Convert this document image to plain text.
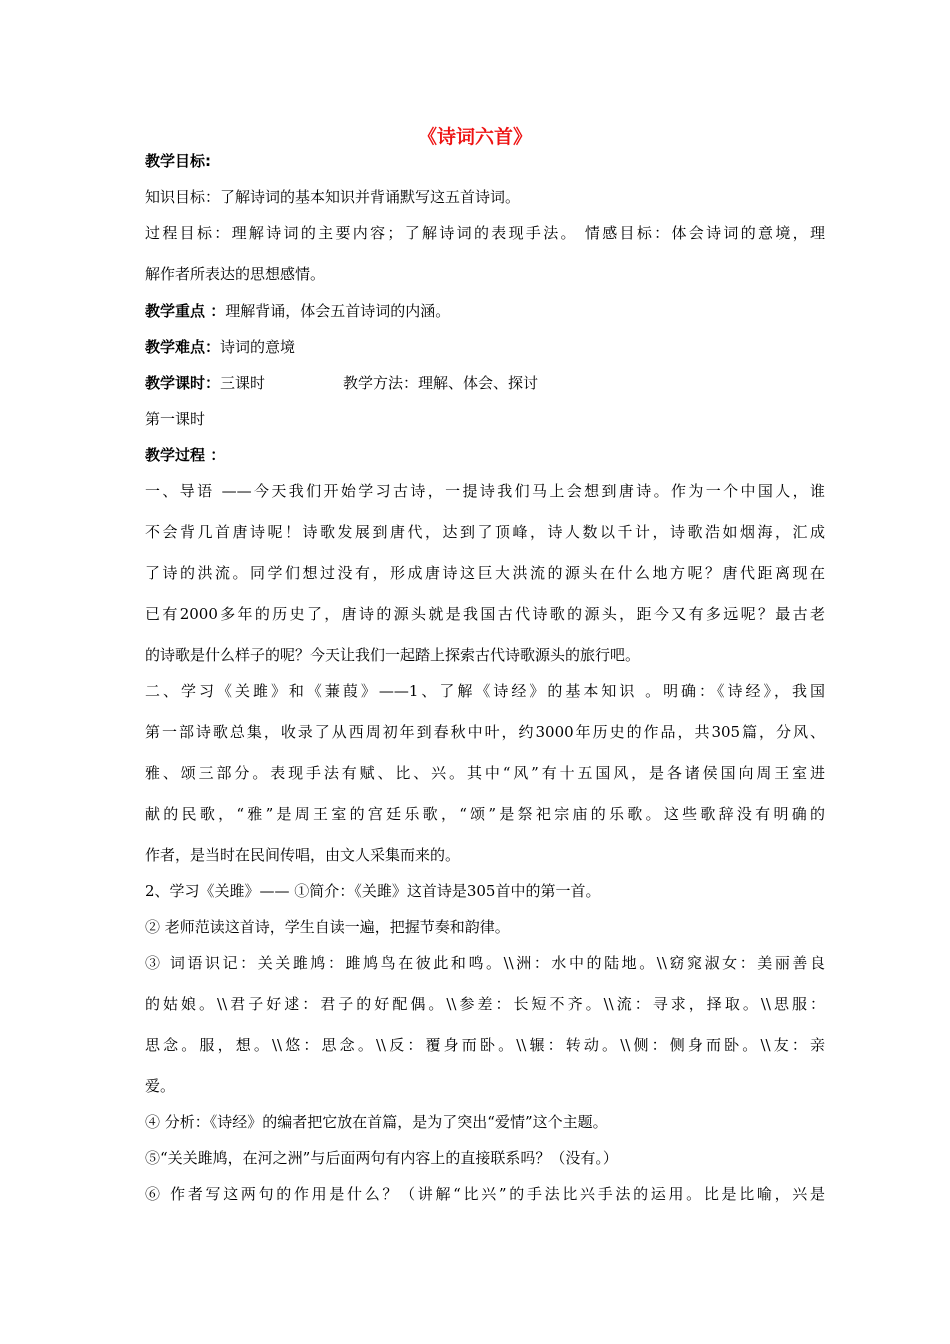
《诗词六首》
教学目标:
知识目标：了解诗词的基本知识并背诵默写这五首诗词。
过程目标：理解诗词的主要内容；了解诗词的表现手法。 情感目标：体会诗词的意境，理
解作者所表达的思想感情。
教学重点 ：理解背诵，体会五首诗词的内涵。
教学难点：诗词的意境
教学课时：三课时	教学方法：理解、体会、探讨
第一课时
教学过程 ：
一、导语 ——今天我们开始学习古诗，一提诗我们马上会想到唐诗。作为一个中国人，谁
不会背几首唐诗呢！诗歌发展到唐代，达到了顶峰，诗人数以千计，诗歌浩如烟海，汇成
了诗的洪流。同学们想过没有，形成唐诗这巨大洪流的源头在什么地方呢？唐代距离现在
已有2000多年的历史了，唐诗的源头就是我国古代诗歌的源头，距今又有多远呢？最古老
的诗歌是什么样子的呢？今天让我们一起踏上探索古代诗歌源头的旅行吧。
二、学习《关雎》和《蒹葭》——1、了解《诗经》的基本知识 。明确：《诗经》，我国
第一部诗歌总集，收录了从西周初年到春秋中叶，约3000年历史的作品，共305篇，分风、
雅、颂三部分。表现手法有赋、比、兴。其中“风”有十五国风，是各诸侯国向周王室进
献的民歌，“雅”是周王室的宫廷乐歌，“颂”是祭祀宗庙的乐歌。这些歌辞没有明确的
作者，是当时在民间传唱，由文人采集而来的。
2、学习《关雎》—— ①简介：《关雎》这首诗是305首中的第一首。
② 老师范读这首诗，学生自读一遍，把握节奏和韵律。
③ 词语识记：关关雎鸠：雎鸠鸟在彼此和鸣。\\洲：水中的陆地。\\窈窕淑女：美丽善良
的姑娘。\\君子好逑：君子的好配偶。\\参差：长短不齐。\\流：寻求，择取。\\思服：
思念。服，想。\\悠：思念。\\反：覆身而卧。\\辗：转动。\\侧：侧身而卧。\\友：亲
爱。
④ 分析：《诗经》的编者把它放在首篇，是为了突出“爱情”这个主题。
⑤“关关雎鸠，在河之洲”与后面两句有内容上的直接联系吗？（没有。）
⑥ 作者写这两句的作用是什么？（讲解“比兴”的手法比兴手法的运用。比是比喻，兴是
